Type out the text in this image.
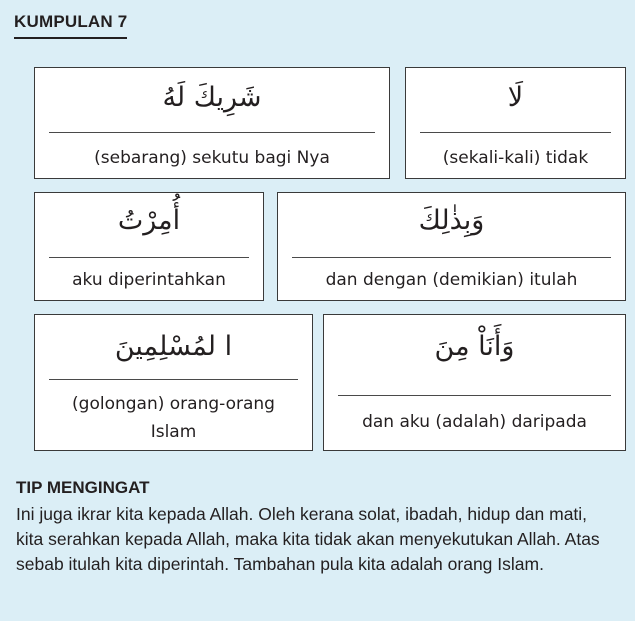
KUMPULAN 7
شَرِيكَ لَهُ
(sebarang) sekutu bagi Nya
لَا
(sekali-kali) tidak
أُمِرْتُ
aku diperintahkan
وَبِذٰلِكَ
dan dengan (demikian) itulah
ا لمُسْلِمِينَ
(golongan) orang-orang Islam
وَأَنَاْ مِنَ
dan aku (adalah) daripada
TIP MENGINGAT
Ini juga ikrar kita kepada Allah. Oleh kerana solat, ibadah, hidup dan mati, kita serahkan kepada Allah, maka kita tidak akan menyekutukan Allah. Atas sebab itulah kita diperintah. Tambahan pula kita adalah orang Islam.
